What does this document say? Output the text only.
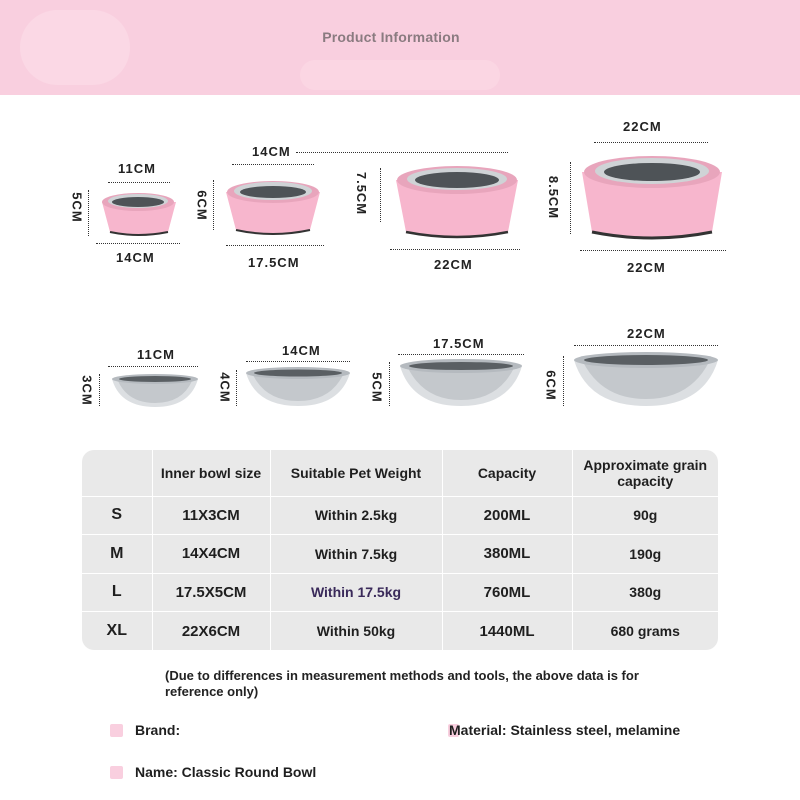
Product Information
11CM
5CM
14CM
14CM
6CM
17.5CM
7.5CM
22CM
22CM
8.5CM
22CM
11CM
3CM
14CM
4CM
17.5CM
5CM
22CM
6CM
	Inner bowl size	Suitable Pet Weight	Capacity	Approximate grain capacity
S	11X3CM	Within 2.5kg	200ML	90g
M	14X4CM	Within 7.5kg	380ML	190g
L	17.5X5CM	Within 17.5kg	760ML	380g
XL	22X6CM	Within 50kg	1440ML	680 grams
(Due to differences in measurement methods and tools, the above data is for reference only)
Brand:	Material: Stainless steel, melamine
Name: Classic Round Bowl
